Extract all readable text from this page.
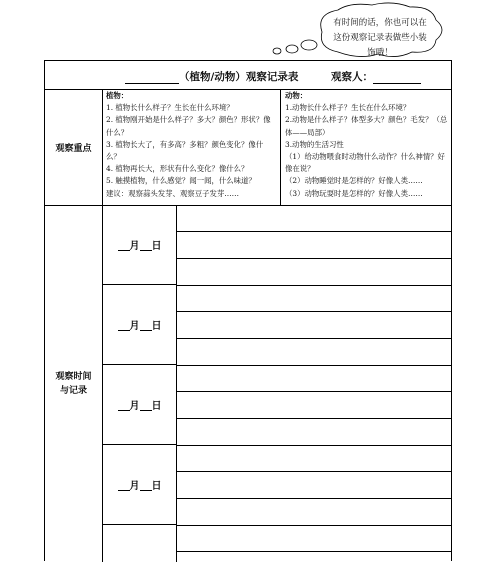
有时间的话，你也可以在这份观察记录表做些小装饰哦！
（植物/动物）观察记录表	观察人：
观察重点
植物：
1. 植物长什么样子？生长在什么环境？
2. 植物刚开始是什么样子？多大？颜色？形状？像什么？
3. 植物长大了，有多高？多粗？颜色变化？像什么？
4. 植物再长大，形状有什么变化？像什么？
5. 触摸植物，什么感觉？闻一闻，什么味道？
建议：观察蒜头发芽、观察豆子发芽……
动物：
1.动物长什么样子？生长在什么环境？
2.动物是什么样子？体型多大？颜色？毛发？（总体——局部）
3.动物的生活习性
（1）给动物喂食时动物什么动作？什么神情？好像在说？
（2）动物睡觉时是怎样的？好像人类……
（3）动物玩耍时是怎样的？好像人类……
观察时间
与记录
月 日
月 日
月 日
月 日
